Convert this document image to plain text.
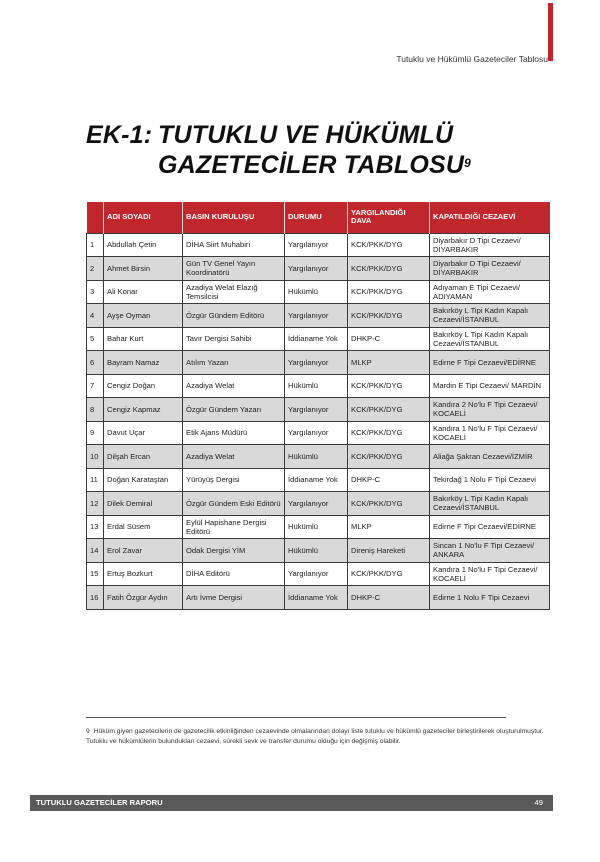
Tutuklu ve Hükümlü Gazeteciler Tablosu
EK-1: TUTUKLU VE HÜKÜMLÜ
GAZETECİLER TABLOSU$^9$
	ADI SOYADI	BASIN KURULUŞU	DURUMU	YARGILANDIĞI DAVA	KAPATILDIĞI CEZAEVİ
1	Abdullah Çetin	DİHA Siirt Muhabiri	Yargılanıyor	KCK/PKK/DYG	Diyarbakır D Tipi Cezaevi/ DİYARBAKIR
2	Ahmet Birsin	Gün TV Genel Yayın Koordinatörü	Yargılanıyor	KCK/PKK/DYG	Diyarbakır D Tipi Cezaevi/ DİYARBAKIR
3	Ali Konar	Azadiya Welat Elazığ Temsilcisi	Hükümlü	KCK/PKK/DYG	Adıyaman E Tipi Cezaevi/ ADIYAMAN
4	Ayşe Oyman	Özgür Gündem Editörü	Yargılanıyor	KCK/PKK/DYG	Bakırköy L Tipi Kadın Kapalı Cezaevi/İSTANBUL
5	Bahar Kurt	Tavır Dergisi Sahibi	İddianame Yok	DHKP-C	Bakırköy L Tipi Kadın Kapalı Cezaevi/İSTANBUL
6	Bayram Namaz	Atılım Yazarı	Yargılanıyor	MLKP	Edirne F Tipi Cezaevi/EDİRNE
7	Cengiz Doğan	Azadiya Welat	Hükümlü	KCK/PKK/DYG	Mardin E Tipi Cezaevi/ MARDİN
8	Cengiz Kapmaz	Özgür Gündem Yazarı	Yargılanıyor	KCK/PKK/DYG	Kandıra 2 No'lu F Tipi Cezaevi/ KOCAELİ
9	Davut Uçar	Etik Ajans Müdürü	Yargılanıyor	KCK/PKK/DYG	Kandıra 1 No'lu F Tipi Cezaevi/ KOCAELİ
10	Dilşah Ercan	Azadiya Welat	Hükümlü	KCK/PKK/DYG	Aliağa Şakran Cezaevi/İZMİR
11	Doğan Karataştan	Yürüyüş Dergisi	İddianame Yok	DHKP-C	Tekirdağ 1 Nolu F Tipi Cezaevi
12	Dilek Demiral	Özgür Gündem Eski Editörü	Yargılanıyor	KCK/PKK/DYG	Bakırköy L Tipi Kadın Kapalı Cezaevi/İSTANBUL
13	Erdal Süsem	Eylül Hapishane Dergisi Editörü	Hükümlü	MLKP	Edirne F Tipi Cezaevi/EDİRNE
14	Erol Zavar	Odak Dergisi YİM	Hükümlü	Direniş Hareketi	Sincan 1 No'lu F Tipi Cezaevi/ ANKARA
15	Ertuş Bozkurt	DİHA Editörü	Yargılanıyor	KCK/PKK/DYG	Kandıra 1 No'lu F Tipi Cezaevi/ KOCAELİ
16	Fatih Özgür Aydın	Artı İvme Dergisi	İddianame Yok	DHKP-C	Edirne 1 Nolu F Tipi Cezaevi
9 Hüküm giyen gazetecilerin de gazetecilik etkinliğinden cezaevinde olmalarından dolayı liste tutuklu ve hükümlü gazeteciler birleştirilerek oluşturulmuştur. Tutuklu ve hükümlülerin bulundukları cezaevi, sürekli sevk ve transfer durumu olduğu için değişmiş olabilir.
TUTUKLU GAZETECİLER RAPORU	49
